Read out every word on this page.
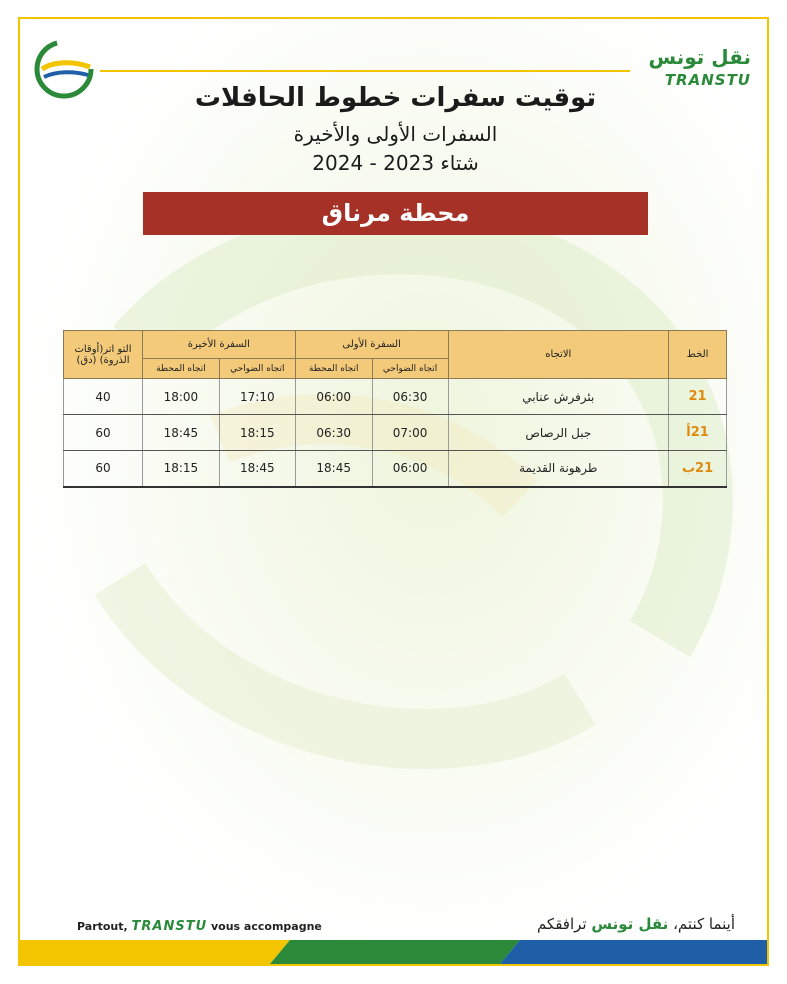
نقل تونس
TRANSTU
توقيت سفرات خطوط الحافلات
السفرات الأولى والأخيرة
شتاء 2023 - 2024
محطة مرناق
الخط	الاتجاه	السفرة الأولى		السفرة الأخيرة		التو اتر(أوقات الذروة) (دق)
		اتجاه الضواحي	اتجاه المحطة	اتجاه الضواحي	اتجاه المحطة	
21	بئرفرش عنابي	06:30	06:00	17:10	18:00	40
21أ	جبل الرصاص	07:00	06:30	18:15	18:45	60
21ب	طرهونة القديمة	06:00	18:45	18:45	18:15	60
Partout, TRANSTU vous accompagne	أينما كنتم، نقل تونس ترافقكم
